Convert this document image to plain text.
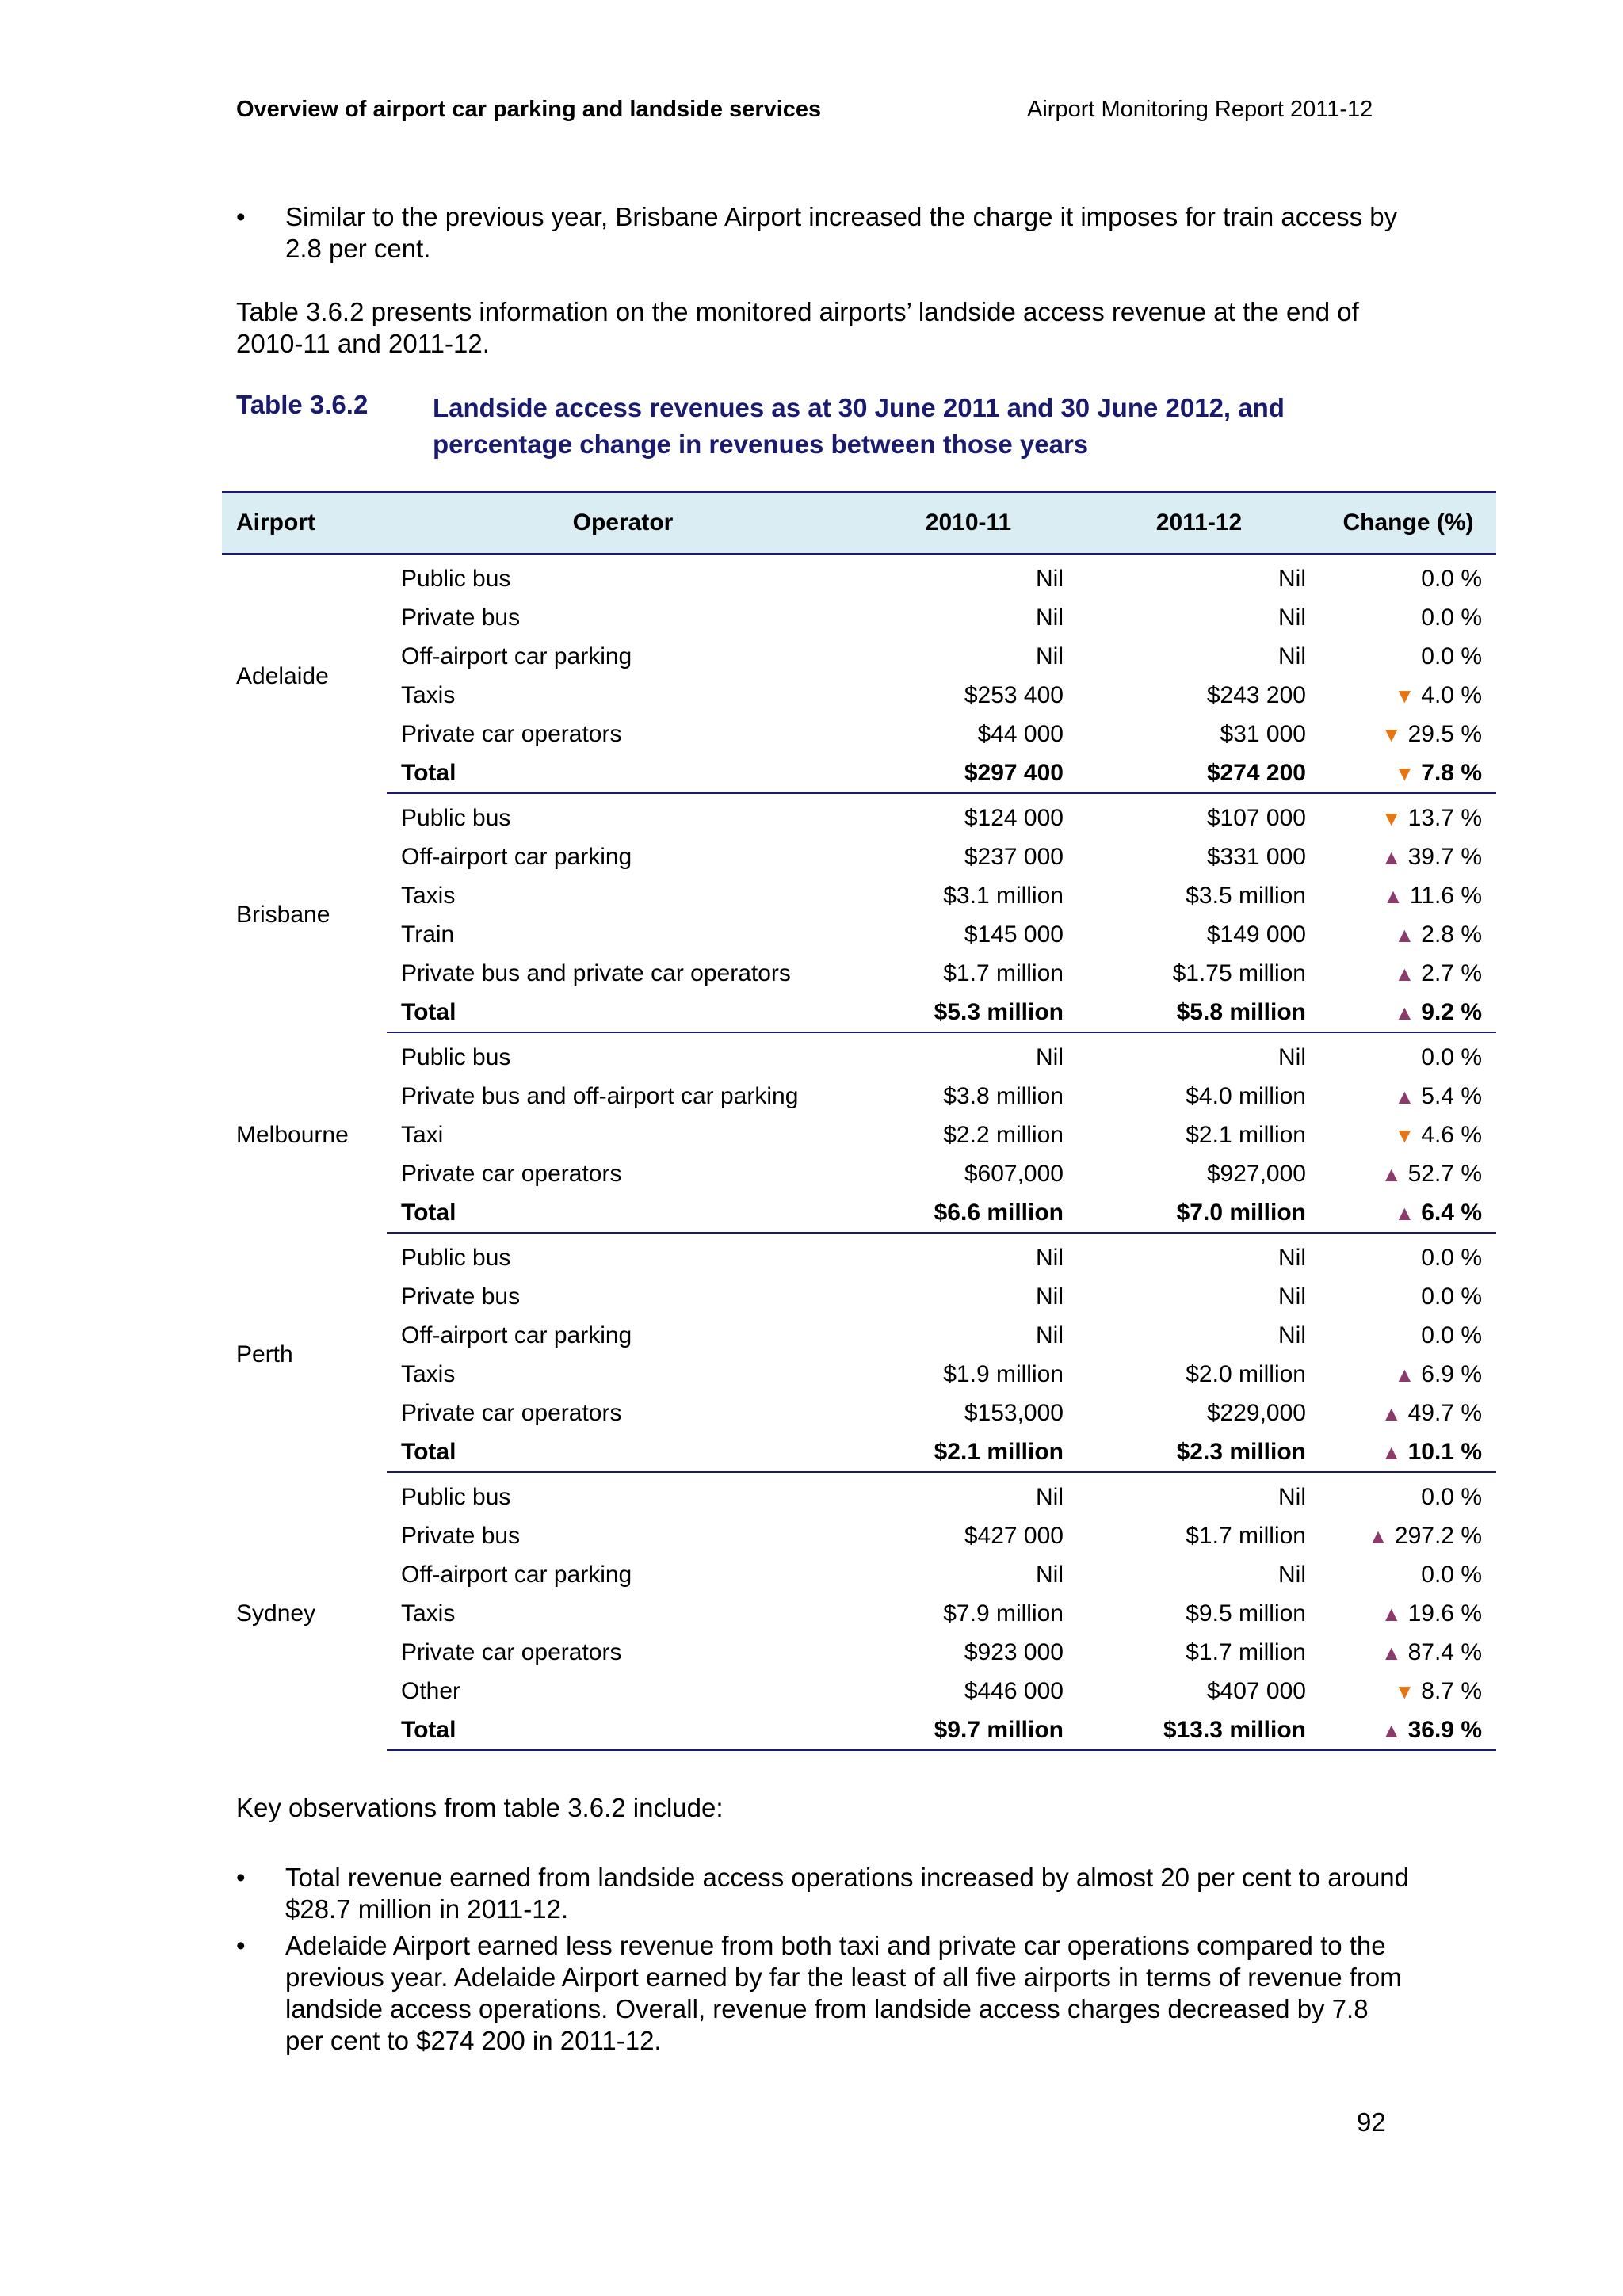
Overview of airport car parking and landside services	Airport Monitoring Report 2011-12
• Similar to the previous year, Brisbane Airport increased the charge it imposes for train access by 2.8 per cent.
Table 3.6.2 presents information on the monitored airports’ landside access revenue at the end of 2010-11 and 2011-12.
Table 3.6.2 Landside access revenues as at 30 June 2011 and 30 June 2012, and percentage change in revenues between those years
Airport	Operator	2010-11	2011-12	Change (%)
Adelaide	Public bus	Nil	Nil	0.0 %
	Private bus	Nil	Nil	0.0 %
	Off-airport car parking	Nil	Nil	0.0 %
	Taxis	$253 400	$243 200	▼ 4.0 %
	Private car operators	$44 000	$31 000	▼ 29.5 %
	Total	$297 400	$274 200	▼ 7.8 %
Brisbane	Public bus	$124 000	$107 000	▼ 13.7 %
	Off-airport car parking	$237 000	$331 000	▲ 39.7 %
	Taxis	$3.1 million	$3.5 million	▲ 11.6 %
	Train	$145 000	$149 000	▲ 2.8 %
	Private bus and private car operators	$1.7 million	$1.75 million	▲ 2.7 %
	Total	$5.3 million	$5.8 million	▲ 9.2 %
Melbourne	Public bus	Nil	Nil	0.0 %
	Private bus and off-airport car parking	$3.8 million	$4.0 million	▲ 5.4 %
	Taxi	$2.2 million	$2.1 million	▼ 4.6 %
	Private car operators	$607,000	$927,000	▲ 52.7 %
	Total	$6.6 million	$7.0 million	▲ 6.4 %
Perth	Public bus	Nil	Nil	0.0 %
	Private bus	Nil	Nil	0.0 %
	Off-airport car parking	Nil	Nil	0.0 %
	Taxis	$1.9 million	$2.0 million	▲ 6.9 %
	Private car operators	$153,000	$229,000	▲ 49.7 %
	Total	$2.1 million	$2.3 million	▲ 10.1 %
Sydney	Public bus	Nil	Nil	0.0 %
	Private bus	$427 000	$1.7 million	▲ 297.2 %
	Off-airport car parking	Nil	Nil	0.0 %
	Taxis	$7.9 million	$9.5 million	▲ 19.6 %
	Private car operators	$923 000	$1.7 million	▲ 87.4 %
	Other	$446 000	$407 000	▼ 8.7 %
	Total	$9.7 million	$13.3 million	▲ 36.9 %
Key observations from table 3.6.2 include:
• Total revenue earned from landside access operations increased by almost 20 per cent to around $28.7 million in 2011-12.
• Adelaide Airport earned less revenue from both taxi and private car operations compared to the previous year. Adelaide Airport earned by far the least of all five airports in terms of revenue from landside access operations. Overall, revenue from landside access charges decreased by 7.8 per cent to $274 200 in 2011-12.
92
